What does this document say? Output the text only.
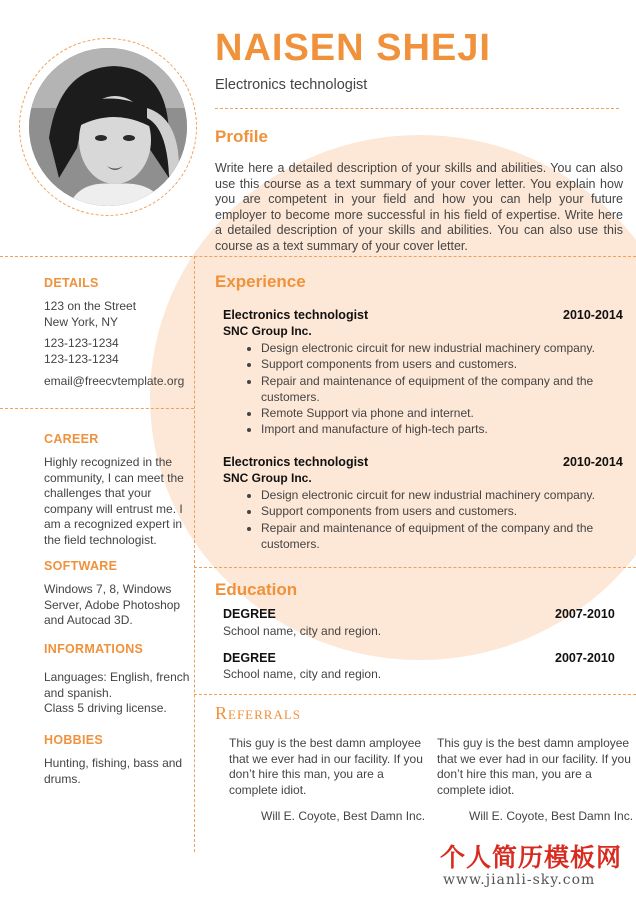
NAISEN SHEJI
Electronics technologist
Profile
Write here a detailed description of your skills and abilities. You can also use this course as a text summary of your cover letter. You explain how you are competent in your field and how you can help your future employer to become more successful in his field of expertise. Write here a detailed description of your skills and abilities. You can also use this course as a text summary of your cover letter.
DETAILS
123 on the Street
New York, NY
123-123-1234
123-123-1234
email@freecvtemplate.org
CAREER
Highly recognized in the community, I can meet the challenges that your company will entrust me. I am a recognized expert in the field technologist.
SOFTWARE
Windows 7, 8, Windows Server, Adobe Photoshop and Autocad 3D.
INFORMATIONS
Languages: English, french and spanish.
Class 5 driving license.
HOBBIES
Hunting, fishing, bass and drums.
Experience
Electronics technologist	2010-2014
SNC Group Inc.
• Design electronic circuit for new industrial machinery company.
• Support components from users and customers.
• Repair and maintenance of equipment of the company and the customers.
• Remote Support via phone and internet.
• Import and manufacture of high-tech parts.
Electronics technologist	2010-2014
SNC Group Inc.
• Design electronic circuit for new industrial machinery company.
• Support components from users and customers.
• Repair and maintenance of equipment of the company and the customers.
Education
DEGREE	2007-2010
School name, city and region.
DEGREE	2007-2010
School name, city and region.
Referrals
This guy is the best damn amployee that we ever had in our facility. If you don’t hire this man, you are a complete idiot.
Will E. Coyote, Best Damn Inc.
This guy is the best damn amployee that we ever had in our facility. If you don’t hire this man, you are a complete idiot.
Will E. Coyote, Best Damn Inc.
个人简历模板网
www.jianli-sky.com
